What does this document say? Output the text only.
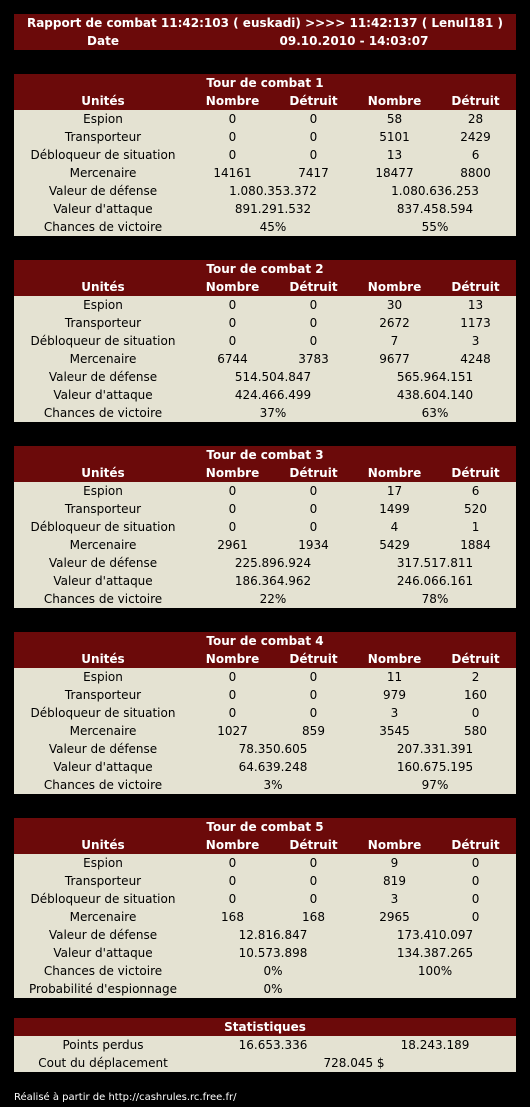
Rapport de combat 11:42:103 ( euskadi) >>>> 11:42:137 ( Lenul181 )
Date	09.10.2010 - 14:03:07
Tour de combat 1				
Unités	Nombre	Détruit	Nombre	Détruit
Espion	0	0	58	28
Transporteur	0	0	5101	2429
Débloqueur de situation	0	0	13	6
Mercenaire	14161	7417	18477	8800
Valeur de défense	1.080.353.372		1.080.636.253	
Valeur d'attaque	891.291.532		837.458.594	
Chances de victoire	45%		55%	
Tour de combat 2				
Unités	Nombre	Détruit	Nombre	Détruit
Espion	0	0	30	13
Transporteur	0	0	2672	1173
Débloqueur de situation	0	0	7	3
Mercenaire	6744	3783	9677	4248
Valeur de défense	514.504.847		565.964.151	
Valeur d'attaque	424.466.499		438.604.140	
Chances de victoire	37%		63%	
Tour de combat 3				
Unités	Nombre	Détruit	Nombre	Détruit
Espion	0	0	17	6
Transporteur	0	0	1499	520
Débloqueur de situation	0	0	4	1
Mercenaire	2961	1934	5429	1884
Valeur de défense	225.896.924		317.517.811	
Valeur d'attaque	186.364.962		246.066.161	
Chances de victoire	22%		78%	
Tour de combat 4				
Unités	Nombre	Détruit	Nombre	Détruit
Espion	0	0	11	2
Transporteur	0	0	979	160
Débloqueur de situation	0	0	3	0
Mercenaire	1027	859	3545	580
Valeur de défense	78.350.605		207.331.391	
Valeur d'attaque	64.639.248		160.675.195	
Chances de victoire	3%		97%	
Tour de combat 5				
Unités	Nombre	Détruit	Nombre	Détruit
Espion	0	0	9	0
Transporteur	0	0	819	0
Débloqueur de situation	0	0	3	0
Mercenaire	168	168	2965	0
Valeur de défense	12.816.847		173.410.097	
Valeur d'attaque	10.573.898		134.387.265	
Chances de victoire	0%		100%	
Probabilité d'espionnage	0%			
Statistiques		
Points perdus	16.653.336	18.243.189
Cout du déplacement	728.045 $	
Réalisé à partir de http://cashrules.rc.free.fr/
